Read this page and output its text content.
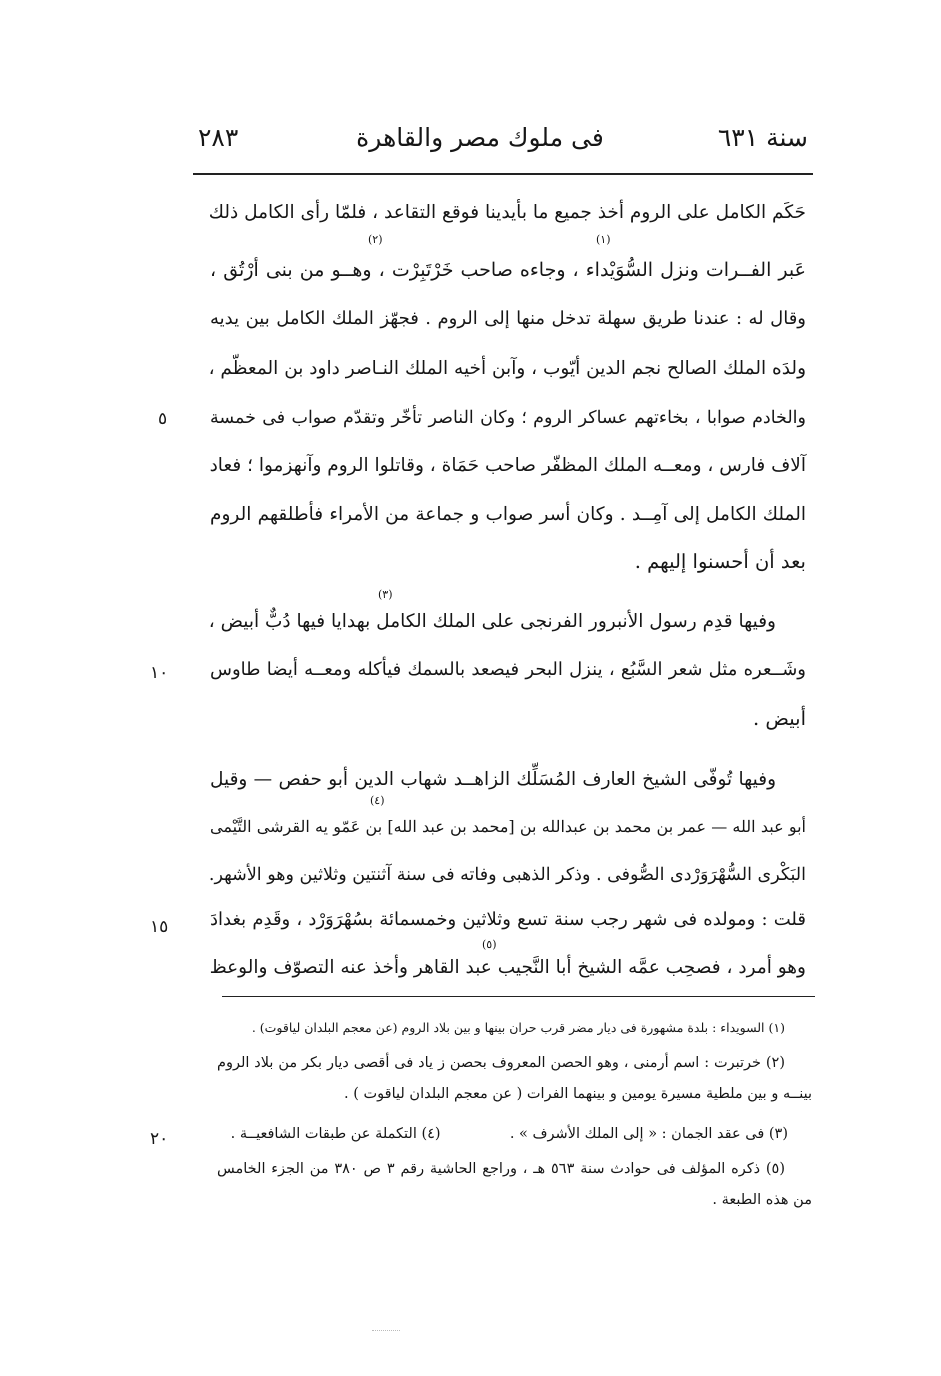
سنة ٦٣١
فى ملوك مصر والقاهرة
٢٨٣
حَكَم الكامل على الروم أخذ جميع ما بأيدينا فوقع التقاعد ، فلمّا رأى الكامل ذلك
عَبر الفــرات ونزل السُّوَيْداء ، وجاءه صاحب خَرْتَبِرْت ، وهــو من بنى أرْتُق ،
وقال له : عندنا طريق سهلة تدخل منها إلى الروم . فجهّز الملك الكامل بين يديه
ولدَه الملك الصالح نجم الدين أيّوب ، وآبن أخيه الملك النـاصر داود بن المعظّم ،
والخادم صوابا ، بخاءتهم عساكر الروم ؛ وكان الناصر تأخّر وتقدّم صواب فى خمسة
آلاف فارس ، ومعــه الملك المظفّر صاحب حَمَاة ، وقاتلوا الروم وآنهزموا ؛ فعاد
الملك الكامل إلى آمِــد . وكان أسر صواب و جماعة من الأمراء فأطلقهم الروم
بعد أن أحسنوا إليهم .
وفيها قدِم رسول الأنبرور الفرنجى على الملك الكامل بهدايا فيها دُبٌّ أبيض ،
وشَــعره مثل شعر السَّبُع ، ينزل البحر فيصعد بالسمك فيأكله ومعــه أيضا طاوس
أبيض .
وفيها تُوفّى الشيخ العارف المُسَلِّك الزاهــد شهاب الدين أبو حفص — وقيل
أبو عبد الله — عمر بن محمد بن عبدالله بن [محمد بن عبد الله] بن عَمّو يه القرشى التَّيْمى
البَكْرى السُّهْرَوَرْدى الصُّوفى . وذكر الذهبى وفاته فى سنة آثنتين وثلاثين وهو الأشهر.
قلت : ومولده فى شهر رجب سنة تسع وثلاثين وخمسمائة بسُهْرَوَرْد ، وقَدِم بغدادَ
وهو أمرد ، فصحِب عمَّه الشيخ أبا النَّجيب عبد القاهر وأخذ عنه التصوّف والوعظ
٥
١٠
١٥
٢٠
(١)
(٢)
(٣)
(٤)
(٥)
(١) السويداء : بلدة مشهورة فى ديار مضر قرب حران بينها و بين بلاد الروم (عن معجم البلدان لياقوت) .
(٢) خرتبرت : اسم أرمنى ، وهو الحصن المعروف بحصن ز ياد فى أقصى ديار بكر من بلاد الروم
بينــه و بين ملطية مسيرة يومين و بينهما الفرات ( عن معجم البلدان لياقوت ) .
(٣) فى عقد الجمان : « إلى الملك الأشرف » .  (٤) التكملة عن طبقات الشافعيــة .
(٥) ذكره المؤلف فى حوادث سنة ٥٦٣ هـ ، وراجع الحاشية رقم ٣ ص ٣٨٠ من الجزء الخامس
من هذه الطبعة .
